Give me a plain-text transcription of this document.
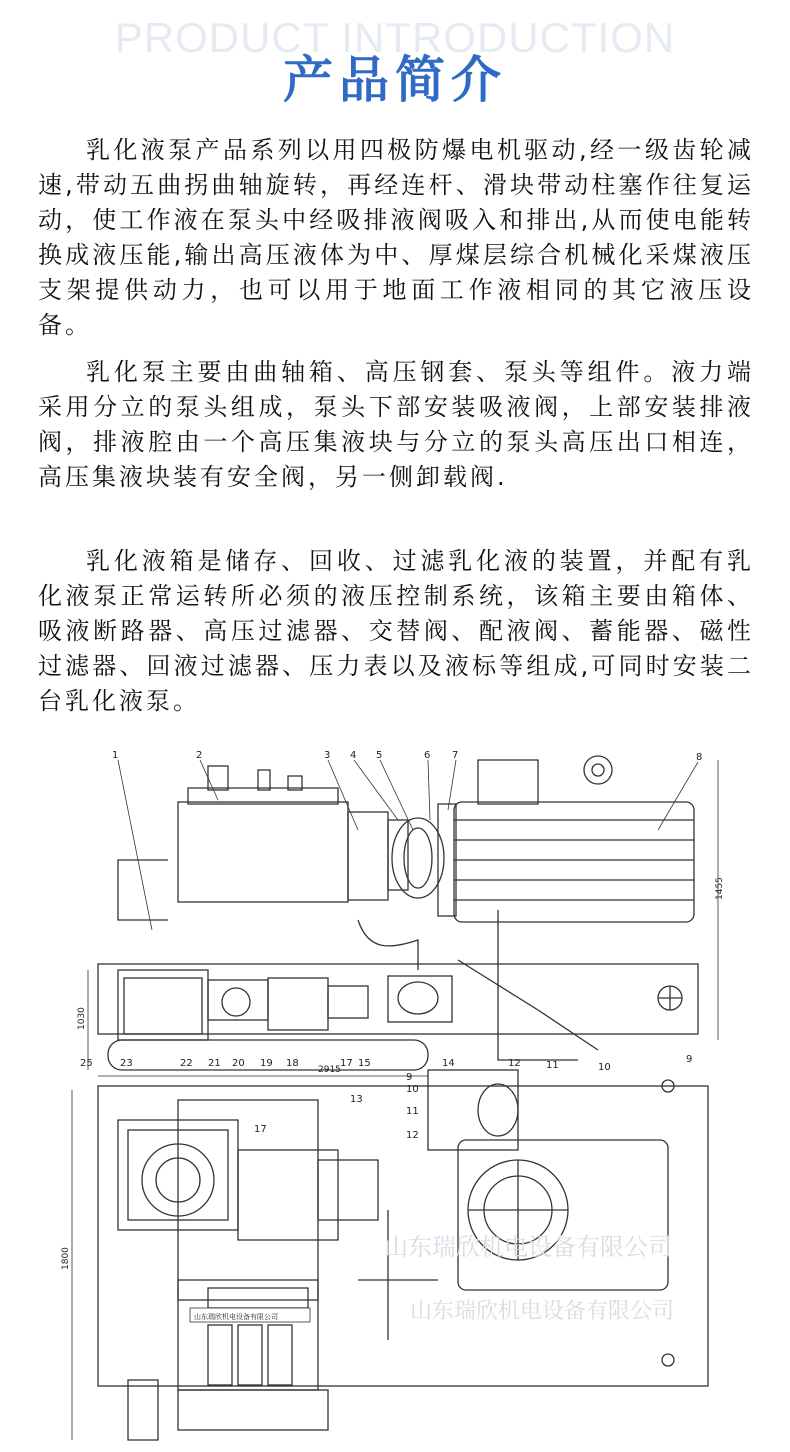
PRODUCT INTRODUCTION
产品简介

乳化液泵产品系列以用四极防爆电机驱动,经一级齿轮减速,带动五曲拐曲轴旋转，再经连杆、滑块带动柱塞作往复运动，使工作液在泵头中经吸排液阀吸入和排出,从而使电能转换成液压能,输出高压液体为中、厚煤层综合机械化采煤液压支架提供动力，也可以用于地面工作液相同的其它液压设备。

乳化泵主要由曲轴箱、高压钢套、泵头等组件。液力端采用分立的泵头组成，泵头下部安装吸液阀，上部安装排液阀，排液腔由一个高压集液块与分立的泵头高压出口相连，高压集液块装有安全阀，另一侧卸载阀.

乳化液箱是储存、回收、过滤乳化液的装置，并配有乳化液泵正常运转所必须的液压控制系统，该箱主要由箱体、吸液断路器、高压过滤器、交替阀、配液阀、蓄能器、磁性过滤器、回液过滤器、压力表以及液标等组成,可同时安装二台乳化液泵。

1	2	3 4 5	6 7	8
9
10
11
12
14
15
17
18
19
20
21
22
23
25
9
10
11
12
13
17
1455
1030
2915
1800
山东瑞欣机电设备有限公司
山东瑞欣机电设备有限公司
山东瑞欣机电设备有限公司
